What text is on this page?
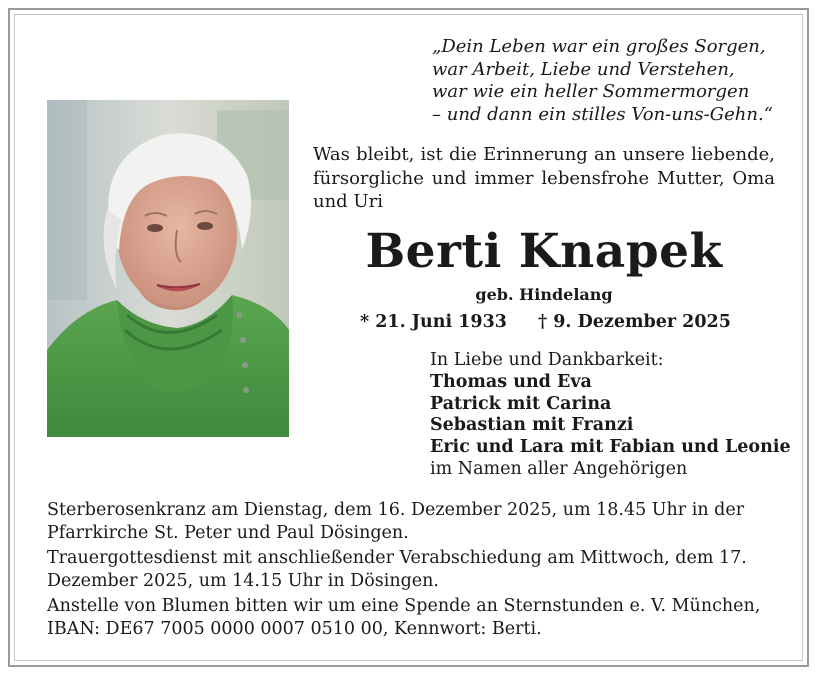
„Dein Leben war ein großes Sorgen,
war Arbeit, Liebe und Verstehen,
war wie ein heller Sommermorgen
– und dann ein stilles Von-uns-Gehn.“
Was bleibt, ist die Erinnerung an unsere liebende, fürsorgliche und immer lebensfrohe Mutter, Oma und Uri
Berti Knapek
geb. Hindelang
* 21. Juni 1933 † 9. Dezember 2025
In Liebe und Dankbarkeit:
Thomas und Eva
Patrick mit Carina
Sebastian mit Franzi
Eric und Lara mit Fabian und Leonie
im Namen aller Angehörigen

Sterberosenkranz am Dienstag, dem 16. Dezember 2025, um 18.45 Uhr in der Pfarrkirche St. Peter und Paul Dösingen.

Trauergottesdienst mit anschließender Verabschiedung am Mittwoch, dem 17. Dezember 2025, um 14.15 Uhr in Dösingen.

Anstelle von Blumen bitten wir um eine Spende an Sternstunden e. V. München, IBAN: DE67 7005 0000 0007 0510 00, Kennwort: Berti.
